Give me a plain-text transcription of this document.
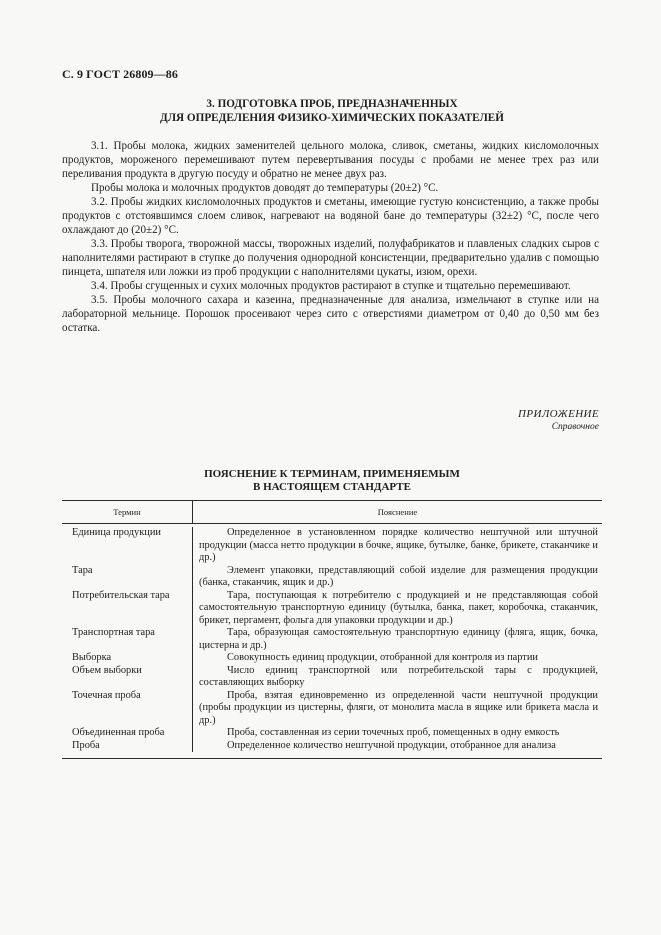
С. 9 ГОСТ 26809—86
3. ПОДГОТОВКА ПРОБ, ПРЕДНАЗНАЧЕННЫХ
ДЛЯ ОПРЕДЕЛЕНИЯ ФИЗИКО-ХИМИЧЕСКИХ ПОКАЗАТЕЛЕЙ

3.1. Пробы молока, жидких заменителей цельного молока, сливок, сметаны, жидких кисломолочных продуктов, мороженого перемешивают путем перевертывания посуды с пробами не менее трех раз или переливания продукта в другую посуду и обратно не менее двух раз.

Пробы молока и молочных продуктов доводят до температуры (20±2) °С.

3.2. Пробы жидких кисломолочных продуктов и сметаны, имеющие густую консистенцию, а также пробы продуктов с отстоявшимся слоем сливок, нагревают на водяной бане до температуры (32±2) °С, после чего охлаждают до (20±2) °С.

3.3. Пробы творога, творожной массы, творожных изделий, полуфабрикатов и плавленых сладких сыров с наполнителями растирают в ступке до получения однородной консистенции, предварительно удалив с помощью пинцета, шпателя или ложки из проб продукции с наполнителями цукаты, изюм, орехи.

3.4. Пробы сгущенных и сухих молочных продуктов растирают в ступке и тщательно перемешивают.

3.5. Пробы молочного сахара и казеина, предназначенные для анализа, измельчают в ступке или на лабораторной мельнице. Порошок просеивают через сито с отверстиями диаметром от 0,40 до 0,50 мм без остатка.

ПРИЛОЖЕНИЕ
Справочное
ПОЯСНЕНИЕ К ТЕРМИНАМ, ПРИМЕНЯЕМЫМ
В НАСТОЯЩЕМ СТАНДАРТЕ
Термин	Пояснение
Единица продукции	Определенное в установленном порядке количество нештучной или штучной продукции (масса нетто продукции в бочке, ящике, бутылке, банке, брикете, стаканчике и др.)
Тара	Элемент упаковки, представляющий собой изделие для размещения продукции (банка, стаканчик, ящик и др.)
Потребительская тара	Тара, поступающая к потребителю с продукцией и не представляющая собой самостоятельную транспортную единицу (бутылка, банка, пакет, коробочка, стаканчик, брикет, пергамент, фольга для упаковки продукции и др.)
Транспортная тара	Тара, образующая самостоятельную транспортную единицу (фляга, ящик, бочка, цистерна и др.)
Выборка	Совокупность единиц продукции, отобранной для контроля из партии
Объем выборки	Число единиц транспортной или потребительской тары с продукцией, составляющих выборку
Точечная проба	Проба, взятая единовременно из определенной части нештучной продукции (пробы продукции из цистерны, фляги, от монолита масла в ящике или брикета масла и др.)
Объединенная проба	Проба, составленная из серии точечных проб, помещенных в одну емкость
Проба	Определенное количество нештучной продукции, отобранное для анализа
